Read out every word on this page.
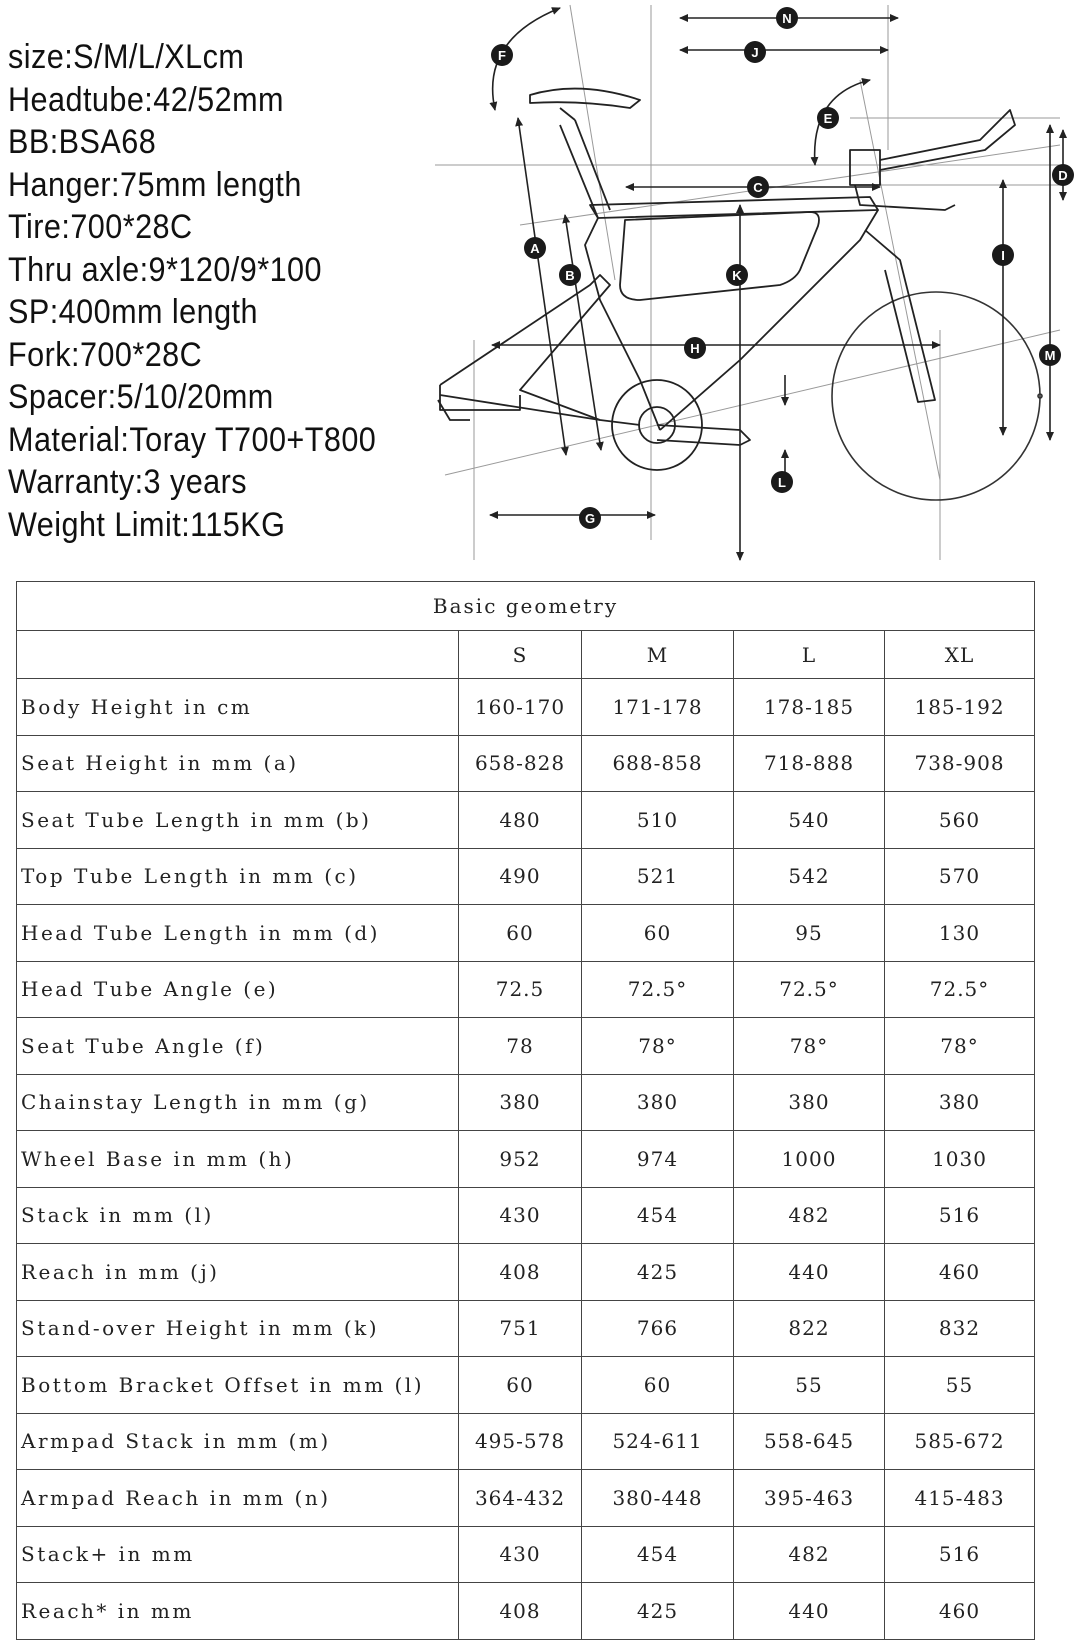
size:S/M/L/XLcm
Headtube:42/52mm
BB:BSA68
Hanger:75mm length
Tire:700*28C
Thru axle:9*120/9*100
SP:400mm length
Fork:700*28C
Spacer:5/10/20mm
Material:Toray T700+T800
Warranty:3 years
Weight Limit:115KG
A
B
C
D
E
F
G
H
I
J
K
L
M
N
Basic geometry				
	S	M	L	XL
Body Height in cm	160-170	171-178	178-185	185-192
Seat Height in mm (a)	658-828	688-858	718-888	738-908
Seat Tube Length in mm (b)	480	510	540	560
Top Tube Length in mm (c)	490	521	542	570
Head Tube Length in mm (d)	60	60	95	130
Head Tube Angle (e)	72.5	72.5°	72.5°	72.5°
Seat Tube Angle (f)	78	78°	78°	78°
Chainstay Length in mm (g)	380	380	380	380
Wheel Base in mm (h)	952	974	1000	1030
Stack in mm (l)	430	454	482	516
Reach in mm (j)	408	425	440	460
Stand-over Height in mm (k)	751	766	822	832
Bottom Bracket Offset in mm (l)	60	60	55	55
Armpad Stack in mm (m)	495-578	524-611	558-645	585-672
Armpad Reach in mm (n)	364-432	380-448	395-463	415-483
Stack+ in mm	430	454	482	516
Reach* in mm	408	425	440	460
